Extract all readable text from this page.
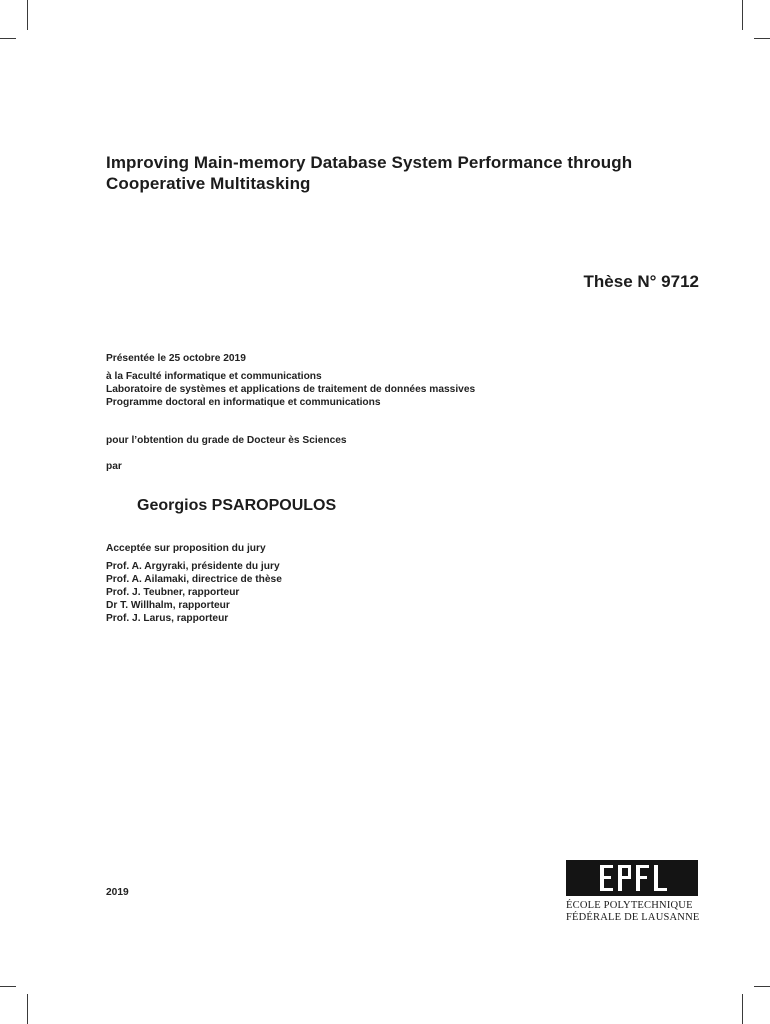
Improving Main-memory Database System Performance through
Cooperative Multitasking
Thèse N° 9712
Présentée le 25 octobre 2019
à la Faculté informatique et communications
Laboratoire de systèmes et applications de traitement de données massives
Programme doctoral en informatique et communications
pour l’obtention du grade de Docteur ès Sciences
par
Georgios PSAROPOULOS
Acceptée sur proposition du jury
Prof. A. Argyraki, présidente du jury
Prof. A. Ailamaki, directrice de thèse
Prof. J. Teubner, rapporteur
Dr T. Willhalm, rapporteur
Prof. J. Larus, rapporteur
2019
ÉCOLE POLYTECHNIQUE
FÉDÉRALE DE LAUSANNE
